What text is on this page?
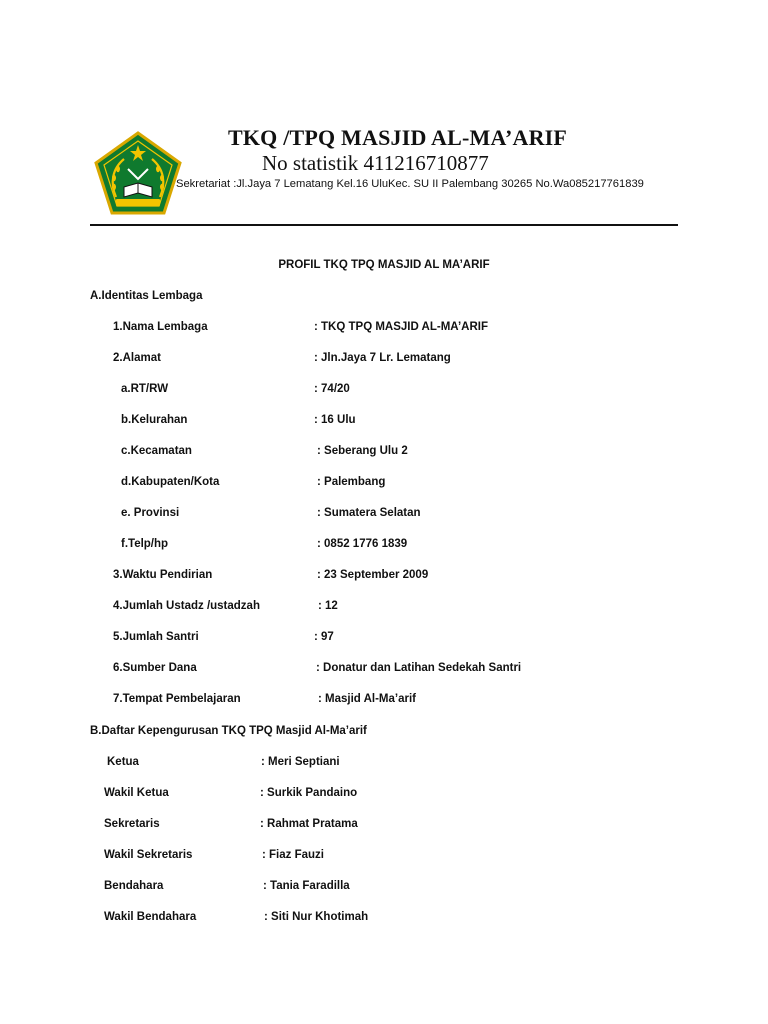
TKQ /TPQ MASJID AL-MA’ARIF
No statistik 411216710877
Sekretariat :Jl.Jaya 7 Lematang Kel.16 UluKec. SU II Palembang 30265 No.Wa085217761839
PROFIL TKQ TPQ MASJID AL MA’ARIF
A.Identitas Lembaga
1.Nama Lembaga	: TKQ TPQ MASJID AL-MA’ARIF
2.Alamat	: Jln.Jaya 7 Lr. Lematang
a.RT/RW	: 74/20
b.Kelurahan	: 16 Ulu
c.Kecamatan	: Seberang Ulu 2
d.Kabupaten/Kota	: Palembang
e. Provinsi	: Sumatera Selatan
f.Telp/hp	: 0852 1776 1839
3.Waktu Pendirian	: 23 September 2009
4.Jumlah Ustadz /ustadzah	: 12
5.Jumlah Santri	: 97
6.Sumber Dana	: Donatur dan Latihan Sedekah Santri
7.Tempat Pembelajaran	: Masjid Al-Ma’arif
B.Daftar Kepengurusan TKQ TPQ Masjid Al-Ma’arif
Ketua	: Meri Septiani
Wakil Ketua	: Surkik Pandaino
Sekretaris	: Rahmat Pratama
Wakil Sekretaris	: Fiaz Fauzi
Bendahara	: Tania Faradilla
Wakil Bendahara	: Siti Nur Khotimah
